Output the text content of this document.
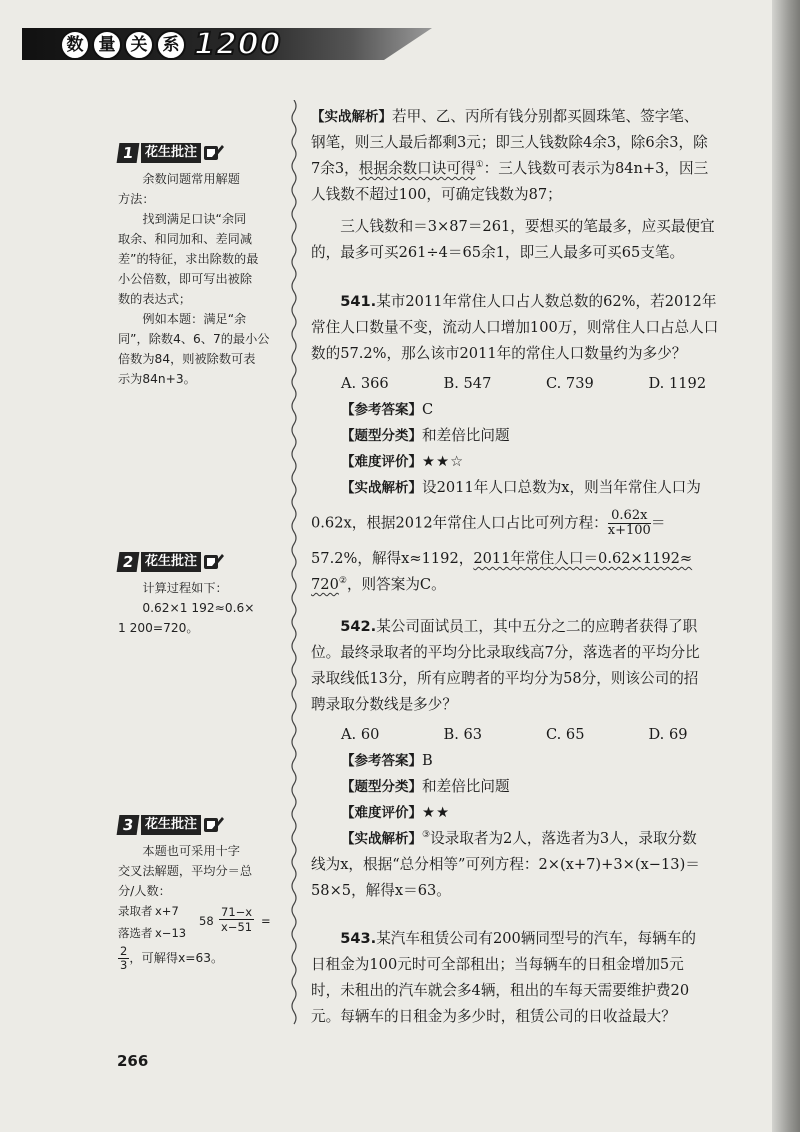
数 量 关 系 1200
1 花生批注

余数问题常用解题

方法：

找到满足口诀“余同

取余、和同加和、差同减

差”的特征，求出除数的最

小公倍数，即可写出被除

数的表达式；

例如本题：满足“余

同”，除数4、6、7的最小公

倍数为84，则被除数可表

示为84n+3。

2 花生批注

计算过程如下：

0.62×1 192≈0.6×

1 200=720。

3 花生批注

本题也可采用十字

交叉法解题，平均分＝总

分/人数：

录取者 x+7
$58 \frac{71-x}{x-51}$ =
落选者 x−13

$\frac{2}{3}$ ，可解得x=63。

【实战解析】若甲、乙、丙所有钱分别都买圆珠笔、签字笔、

钢笔，则三人最后都剩3元；即三人钱数除4余3，除6余3，除

7余3，根据余数口诀可得①：三人钱数可表示为84n+3，因三

人钱数不超过100，可确定钱数为87；

三人钱数和＝3×87＝261，要想买的笔最多，应买最便宜

的，最多可买261÷4＝65余1，即三人最多可买65支笔。

541.某市2011年常住人口占人数总数的62%，若2012年

常住人口数量不变，流动人口增加100万，则常住人口占总人口

数的57.2%，那么该市2011年的常住人口数量约为多少？

A. 366	B. 547	C. 739	D. 1192

【参考答案】C

【题型分类】和差倍比问题

【难度评价】★★☆

【实战解析】设2011年人口总数为x，则当年常住人口为

0.62x，根据2012年常住人口占比可列方程： $\frac{0.62x}{x+100}$ ＝

57.2%，解得x≈1192，2011年常住人口＝0.62×1192≈

720②，则答案为C。

542.某公司面试员工，其中五分之二的应聘者获得了职

位。最终录取者的平均分比录取线高7分，落选者的平均分比

录取线低13分，所有应聘者的平均分为58分，则该公司的招

聘录取分数线是多少？

A. 60	B. 63	C. 65	D. 69

【参考答案】B

【题型分类】和差倍比问题

【难度评价】★★

【实战解析】③设录取者为2人，落选者为3人，录取分数

线为x，根据“总分相等”可列方程：2×(x+7)+3×(x−13)＝

58×5，解得x＝63。

543.某汽车租赁公司有200辆同型号的汽车，每辆车的

日租金为100元时可全部租出；当每辆车的日租金增加5元

时，未租出的汽车就会多4辆，租出的车每天需要维护费20

元。每辆车的日租金为多少时，租赁公司的日收益最大？

266
